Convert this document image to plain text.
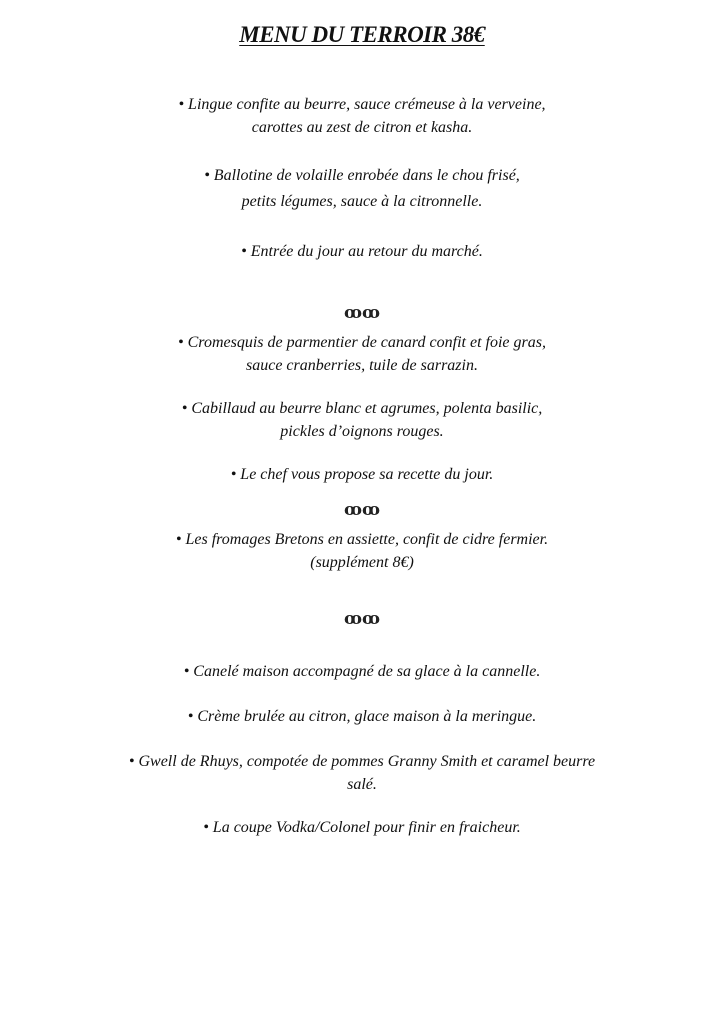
MENU DU TERROIR 38€
• Lingue confite au beurre, sauce crémeuse à la verveine,
carottes au zest de citron et kasha.
• Ballotine de volaille enrobée dans le chou frisé,
petits légumes, sauce à la citronnelle.
• Entrée du jour au retour du marché.
ꝏꝏ
• Cromesquis de parmentier de canard confit et foie gras,
sauce cranberries, tuile de sarrazin.
• Cabillaud au beurre blanc et agrumes, polenta basilic,
pickles d’oignons rouges.
• Le chef vous propose sa recette du jour.
ꝏꝏ
• Les fromages Bretons en assiette, confit de cidre fermier.
(supplément 8€)
ꝏꝏ
• Canelé maison accompagné de sa glace à la cannelle.
• Crème brulée au citron, glace maison à la meringue.
• Gwell de Rhuys, compotée de pommes Granny Smith et caramel beurre
salé.
• La coupe Vodka/Colonel pour finir en fraicheur.
